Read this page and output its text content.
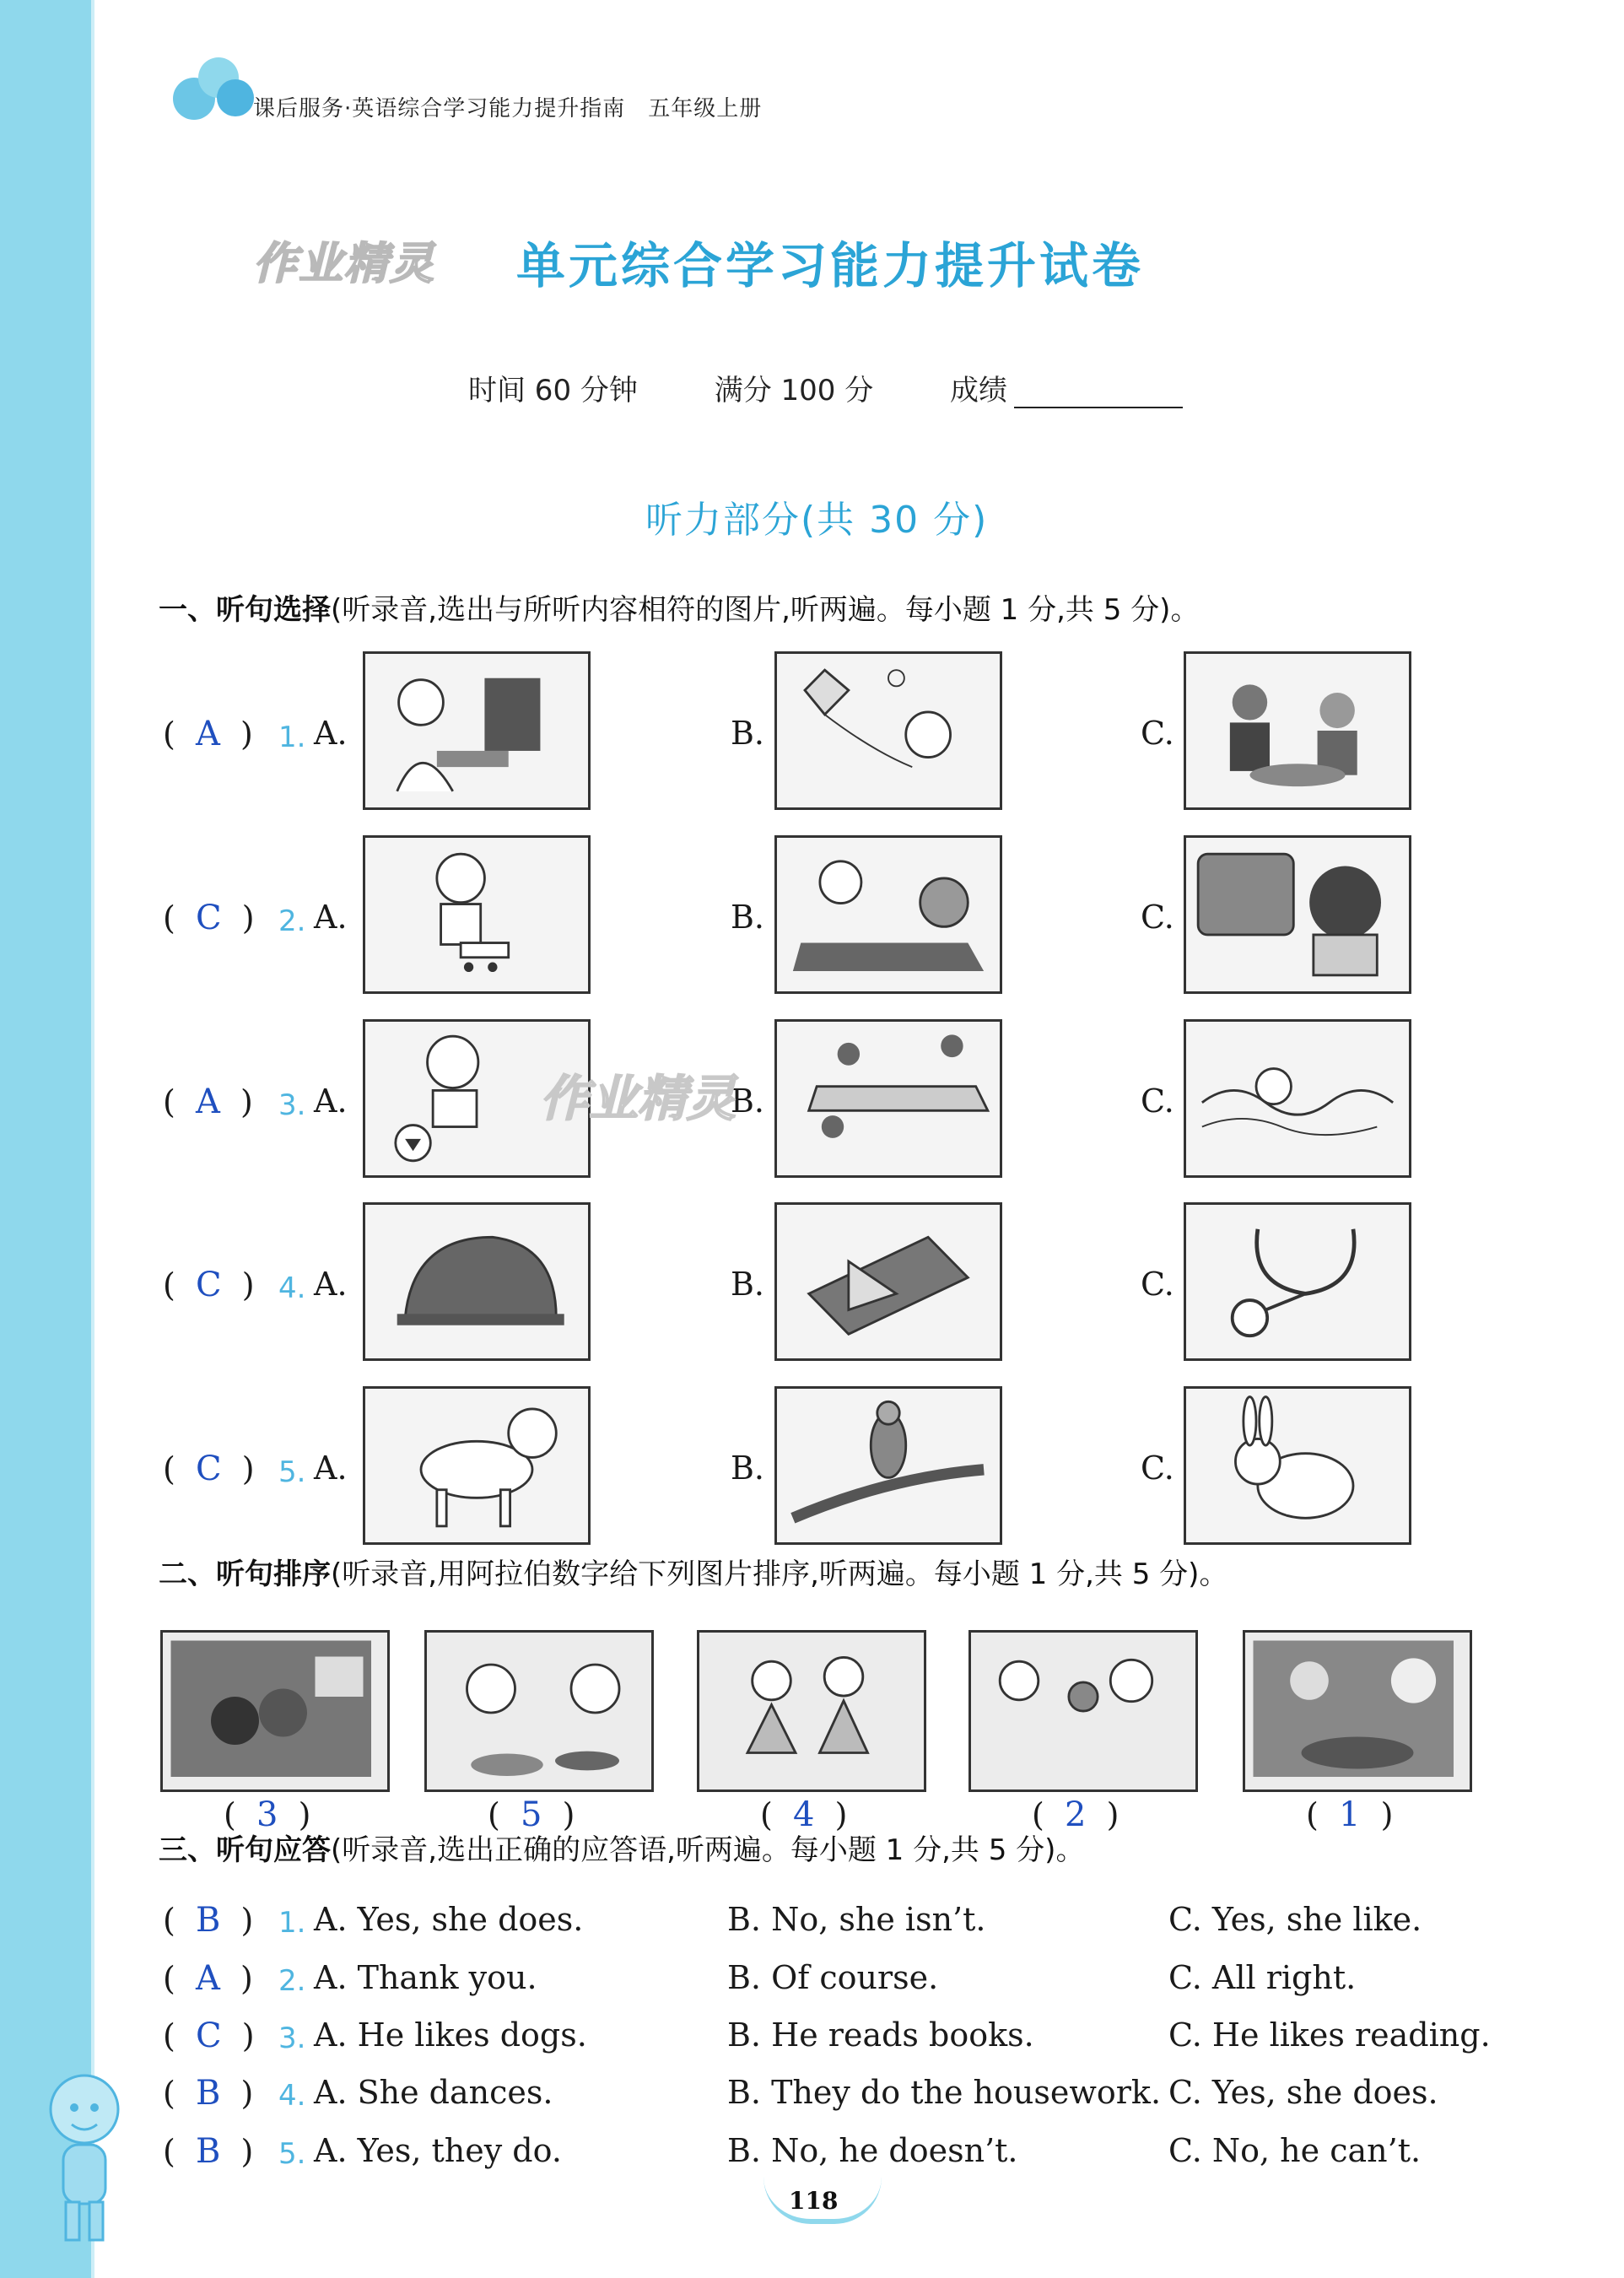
课后服务·英语综合学习能力提升指南　五年级上册
作业精灵 单元综合学习能力提升试卷
时间 60 分钟	满分 100 分	成绩
听力部分(共 30 分)
一、听句选择(听录音,选出与所听内容相符的图片,听两遍。每小题 1 分,共 5 分)。
(  A  ) 1. A.	B.	C.
(  C  ) 2. A.	B.	C.
(  A  ) 3. A.	B.	C.
(  C  ) 4. A.	B.	C.
(  C  ) 5. A.	B.	C.
二、听句排序(听录音,用阿拉伯数字给下列图片排序,听两遍。每小题 1 分,共 5 分)。
(  3  )	(  5  )	(  4  )	(  2  )	(  1  )
三、听句应答(听录音,选出正确的应答语,听两遍。每小题 1 分,共 5 分)。
(  B  ) 1. A. Yes, she does.	B. No, she isn’t.	C. Yes, she like.
(  A  ) 2. A. Thank you.	B. Of course.	C. All right.
(  C  ) 3. A. He likes dogs.	B. He reads books.	C. He likes reading.
(  B  ) 4. A. She dances.	B. They do the housework. C. Yes, she does.
(  B  ) 5. A. Yes, they do.	B. No, he doesn’t.	C. No, he can’t.
作业精灵
118
